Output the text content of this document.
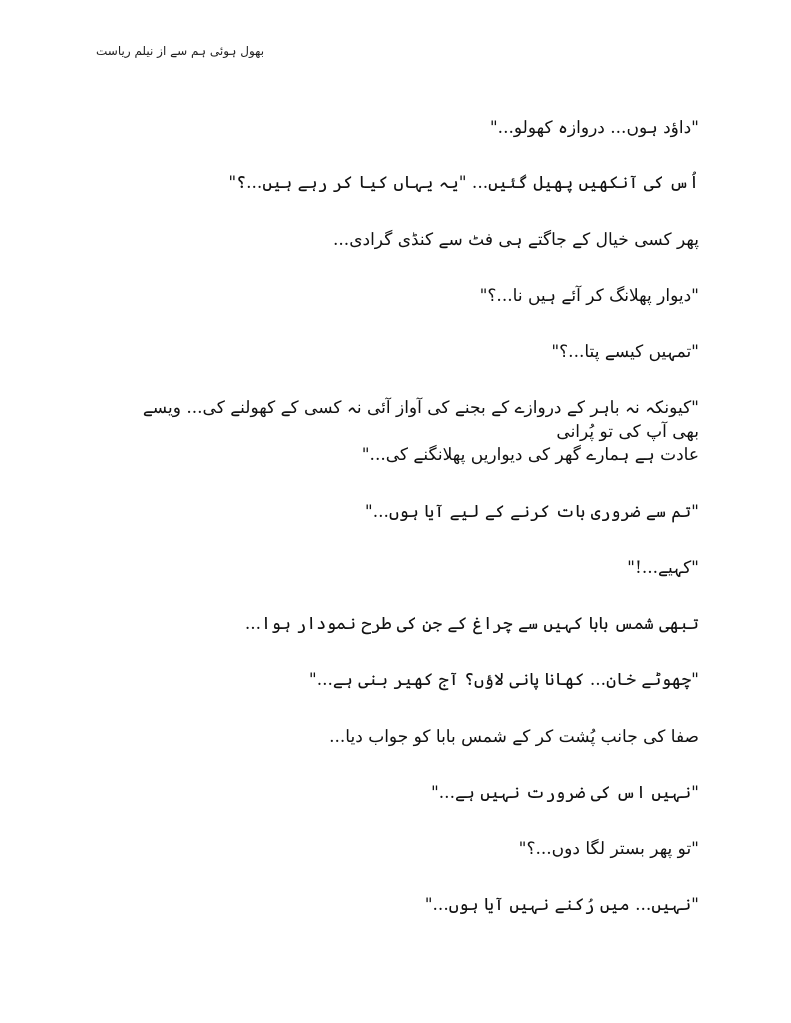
بھول ہوئی ہم سے از نیلم ریاست
"داؤد ہوں... دروازہ کھولو..."
اُس کی آنکھیں پھیل گئیں... "یہ یہاں کیا کر رہے ہیں...؟"
پھر کسی خیال کے جاگتے ہی فٹ سے کنڈی گرادی...
"دیوار پھلانگ کر آئے ہیں نا...؟"
"تمہیں کیسے پتا...؟"
"کیونکہ نہ باہر کے دروازے کے بجنے کی آواز آئی نہ کسی کے کھولنے کی... ویسے بھی آپ کی تو پُرانی
عادت ہے ہمارے گھر کی دیواریں پھلانگنے کی..."
"تم سے ضروری بات کرنے کے لیے آیا ہوں..."
"کہیے...!"
تبھی شمس بابا کہیں سے چراغ کے جن کی طرح نمودار ہوا...
"چھوٹے خان... کھانا پانی لاؤں؟ آج کھیر بنی ہے..."
صفا کی جانب پُشت کر کے شمس بابا کو جواب دیا...
"نہیں اس کی ضرورت نہیں ہے..."
"تو پھر بستر لگا دوں...؟"
"نہیں... میں رُکنے نہیں آیا ہوں..."
